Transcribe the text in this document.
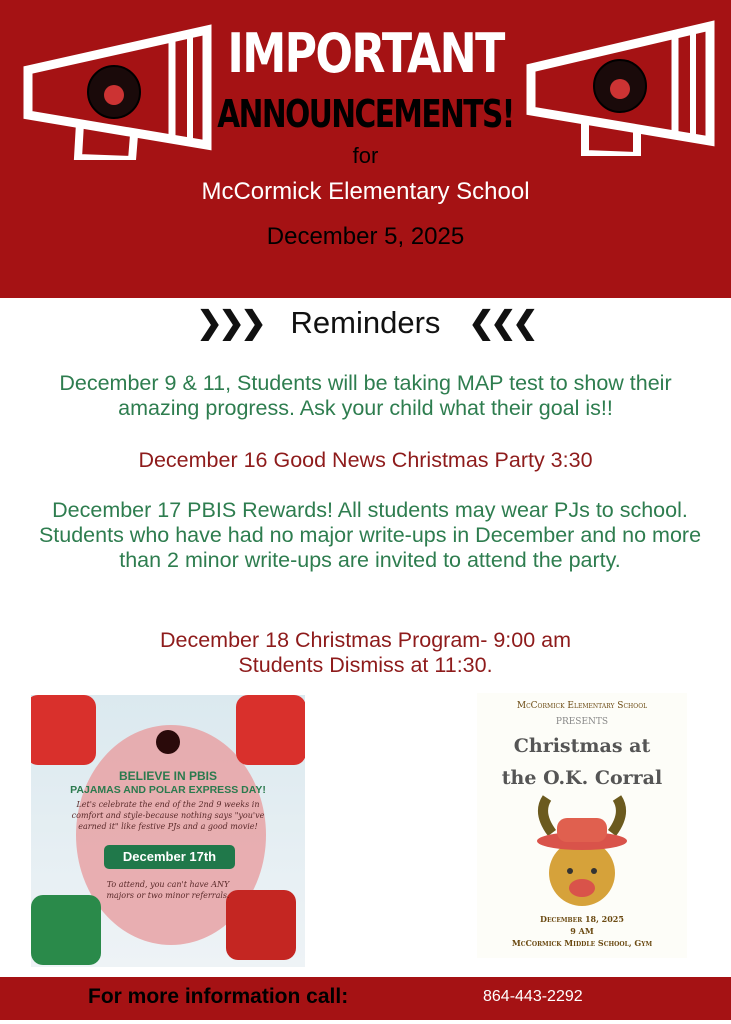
IMPORTANT
ANNOUNCEMENTS!
for
McCormick Elementary School
December 5, 2025
❯❯❯ Reminders ❮❮❮
December 9 & 11, Students will be taking MAP test to show their amazing progress. Ask your child what their goal is!!
December 16 Good News Christmas Party 3:30
December 17 PBIS Rewards! All students may wear PJs to school. Students who have had no major write-ups in December and no more than 2 minor write-ups are invited to attend the party.
December 18 Christmas Program- 9:00 am
Students Dismiss at 11:30.
BELIEVE IN PBIS
PAJAMAS AND POLAR EXPRESS DAY!
Let's celebrate the end of the 2nd 9 weeks in comfort and style-because nothing says "you've earned it" like festive PJs and a good movie!
December 17th
To attend, you can't have ANY majors or two minor referrals.
McCormick Elementary School
PRESENTS
Christmas at
the O.K. Corral
December 18, 2025
9 AM
McCormick Middle School, Gym
For more information call:	864-443-2292
